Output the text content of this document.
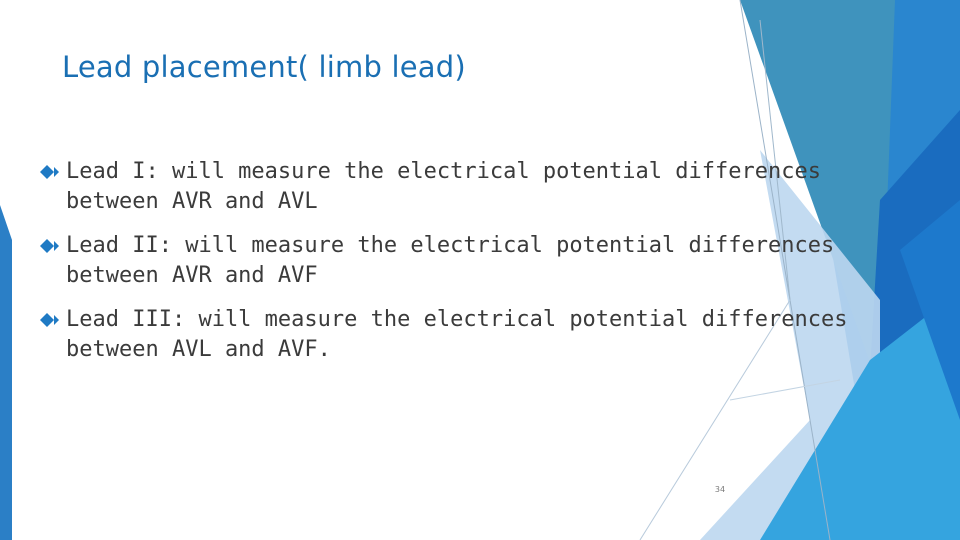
Lead placement( limb lead)
Lead I: will measure the electrical potential differences
between AVR and AVL
Lead II: will measure the electrical potential differences
between AVR and AVF
Lead III: will measure the electrical potential differences
between AVL and AVF.
34
